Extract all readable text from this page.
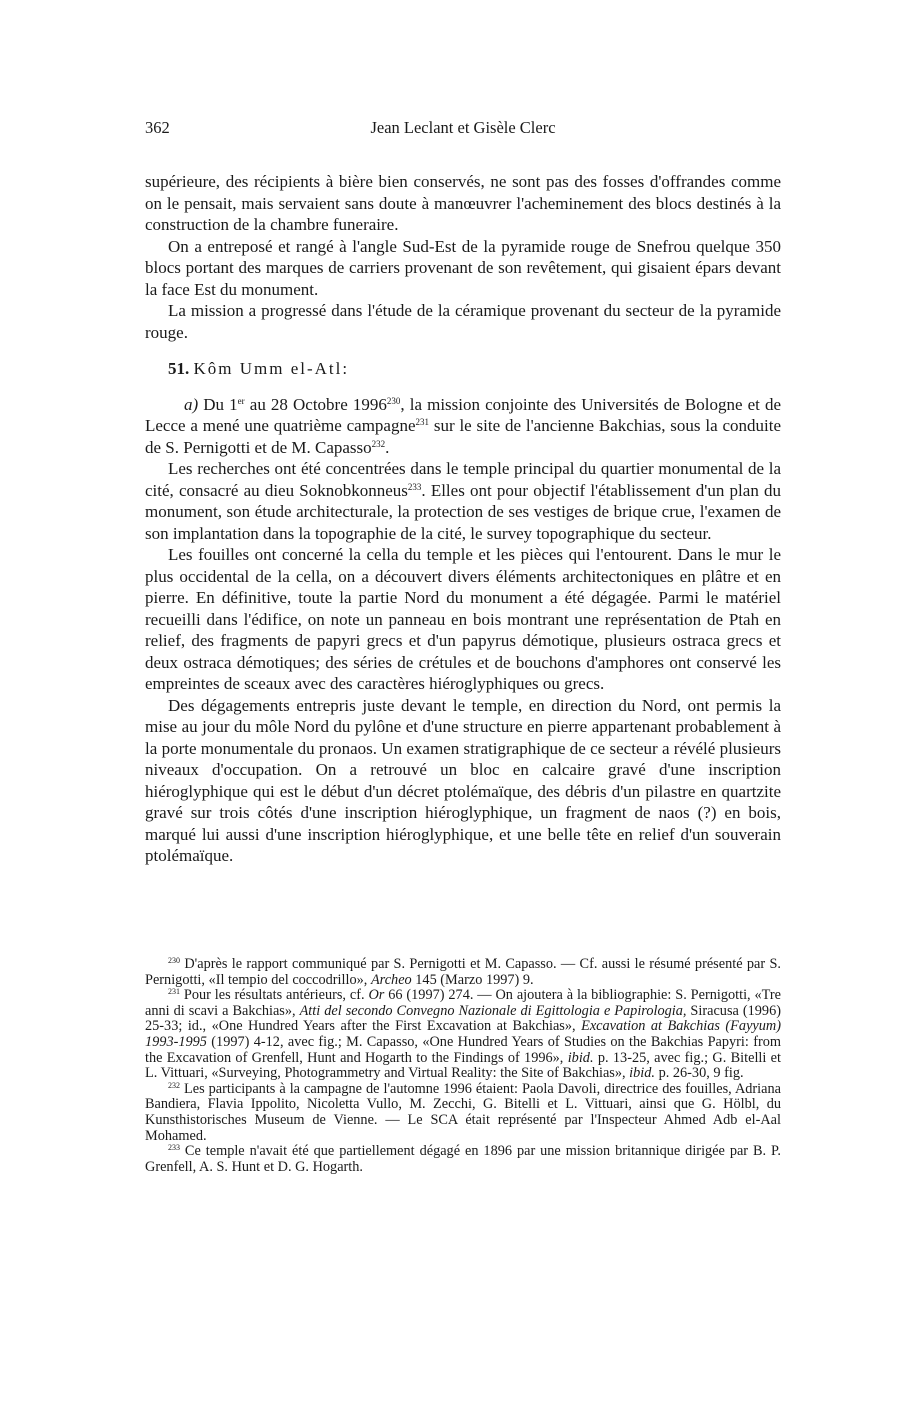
362	Jean Leclant et Gisèle Clerc

supérieure, des récipients à bière bien conservés, ne sont pas des fosses d'offrandes comme on le pensait, mais servaient sans doute à manœuvrer l'acheminement des blocs destinés à la construction de la chambre funeraire.

On a entreposé et rangé à l'angle Sud-Est de la pyramide rouge de Snefrou quelque 350 blocs portant des marques de carriers provenant de son revêtement, qui gisaient épars devant la face Est du monument.

La mission a progressé dans l'étude de la céramique provenant du secteur de la pyramide rouge.

51. Kôm Umm el-Atl:

a) Du 1er au 28 Octobre 1996$^{230}$, la mission conjointe des Universités de Bologne et de Lecce a mené une quatrième campagne$^{231}$ sur le site de l'ancienne Bakchias, sous la conduite de S. Pernigotti et de M. Capasso$^{232}$.

Les recherches ont été concentrées dans le temple principal du quartier monumental de la cité, consacré au dieu Soknobkonneus$^{233}$. Elles ont pour objectif l'établissement d'un plan du monument, son étude architecturale, la protection de ses vestiges de brique crue, l'examen de son implantation dans la topographie de la cité, le survey topographique du secteur.

Les fouilles ont concerné la cella du temple et les pièces qui l'entourent. Dans le mur le plus occidental de la cella, on a découvert divers éléments architectoniques en plâtre et en pierre. En définitive, toute la partie Nord du monument a été dégagée. Parmi le matériel recueilli dans l'édifice, on note un panneau en bois montrant une représentation de Ptah en relief, des fragments de papyri grecs et d'un papyrus démotique, plusieurs ostraca grecs et deux ostraca démotiques; des séries de crétules et de bouchons d'amphores ont conservé les empreintes de sceaux avec des caractères hiéroglyphiques ou grecs.

Des dégagements entrepris juste devant le temple, en direction du Nord, ont permis la mise au jour du môle Nord du pylône et d'une structure en pierre appartenant probablement à la porte monumentale du pronaos. Un examen stratigraphique de ce secteur a révélé plusieurs niveaux d'occupation. On a retrouvé un bloc en calcaire gravé d'une inscription hiéroglyphique qui est le début d'un décret ptolémaïque, des débris d'un pilastre en quartzite gravé sur trois côtés d'une inscription hiéroglyphique, un fragment de naos (?) en bois, marqué lui aussi d'une inscription hiéroglyphique, et une belle tête en relief d'un souverain ptolémaïque.

$^{230}$ D'après le rapport communiqué par S. Pernigotti et M. Capasso. — Cf. aussi le résumé présenté par S. Pernigotti, «Il tempio del coccodrillo», Archeo 145 (Marzo 1997) 9.

$^{231}$ Pour les résultats antérieurs, cf. Or 66 (1997) 274. — On ajoutera à la bibliographie: S. Pernigotti, «Tre anni di scavi a Bakchias», Atti del secondo Convegno Nazionale di Egittologia e Papirologia, Siracusa (1996) 25-33; id., «One Hundred Years after the First Excavation at Bakchias», Excavation at Bakchias (Fayyum) 1993-1995 (1997) 4-12, avec fig.; M. Capasso, «One Hundred Years of Studies on the Bakchias Papyri: from the Excavation of Grenfell, Hunt and Hogarth to the Findings of 1996», ibid. p. 13-25, avec fig.; G. Bitelli et L. Vittuari, «Surveying, Photogrammetry and Virtual Reality: the Site of Bakchias», ibid. p. 26-30, 9 fig.

$^{232}$ Les participants à la campagne de l'automne 1996 étaient: Paola Davoli, directrice des fouilles, Adriana Bandiera, Flavia Ippolito, Nicoletta Vullo, M. Zecchi, G. Bitelli et L. Vittuari, ainsi que G. Hölbl, du Kunsthistorisches Museum de Vienne. — Le SCA était représenté par l'Inspecteur Ahmed Adb el-Aal Mohamed.

$^{233}$ Ce temple n'avait été que partiellement dégagé en 1896 par une mission britannique dirigée par B. P. Grenfell, A. S. Hunt et D. G. Hogarth.
